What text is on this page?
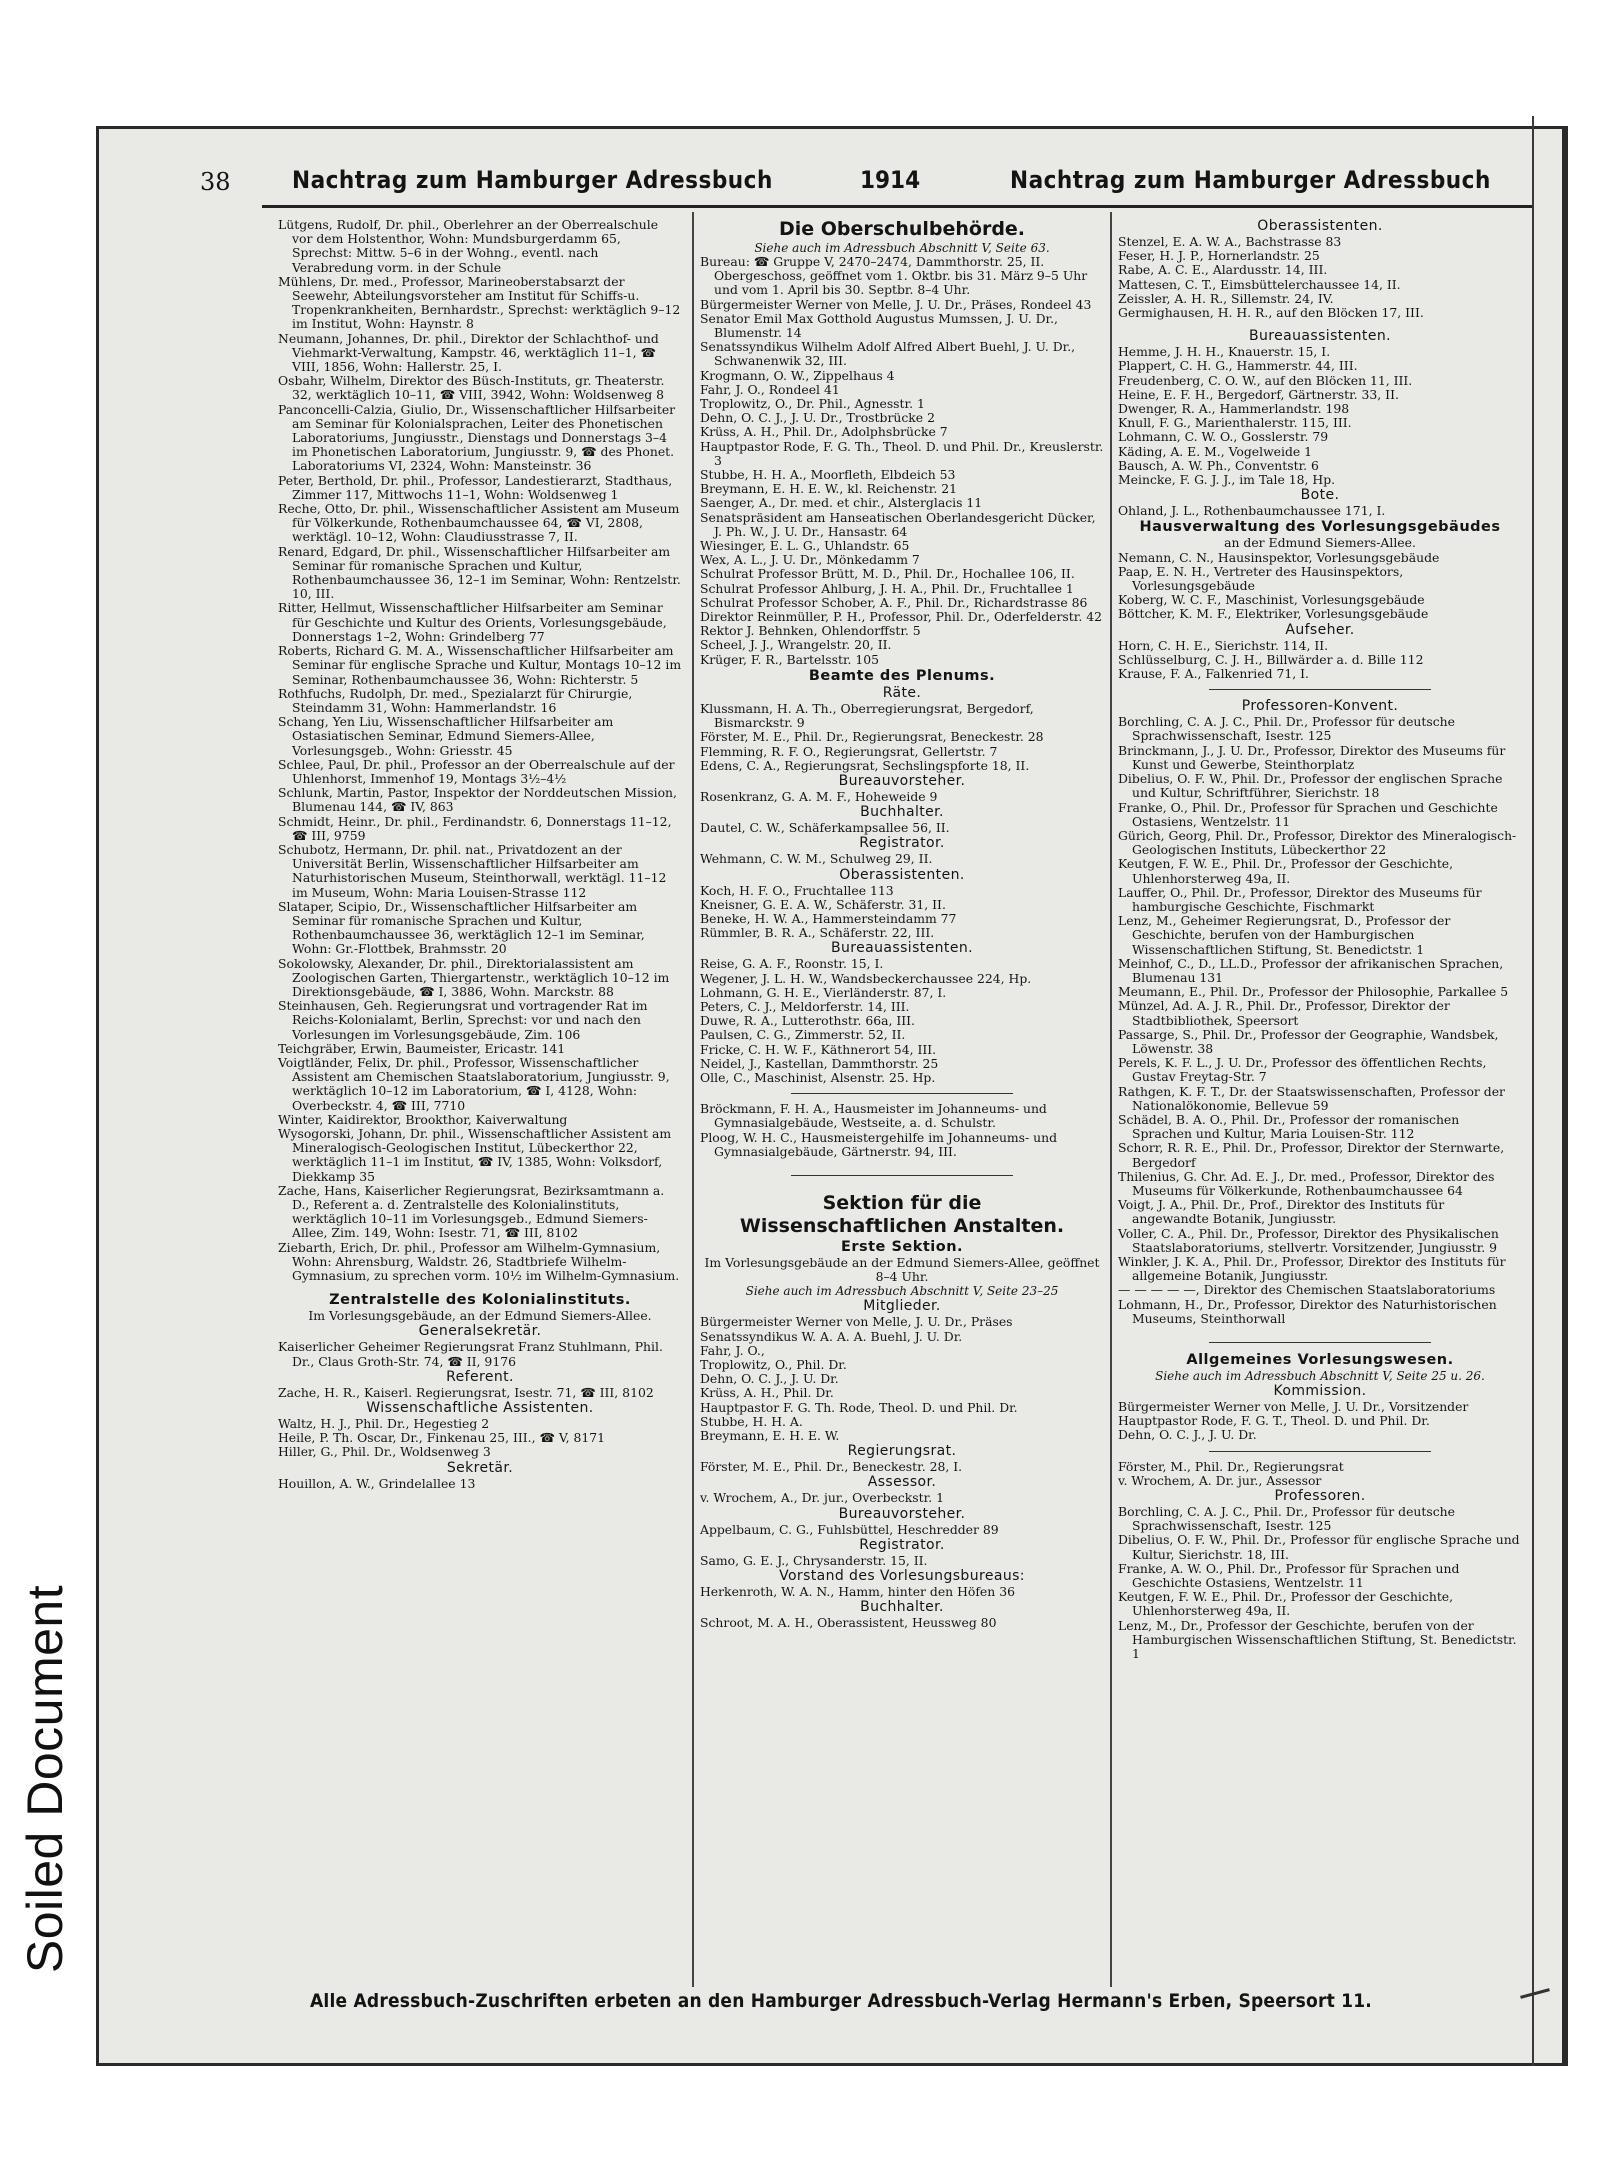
Soiled Document
38	Nachtrag zum Hamburger Adressbuch	1914	Nachtrag zum Hamburger Adressbuch

Lütgens, Rudolf, Dr. phil., Oberlehrer an der Oberrealschule vor dem Holstenthor, Wohn: Mundsburgerdamm 65, Sprechst: Mittw. 5–6 in der Wohng., eventl. nach Verabredung vorm. in der Schule

Mühlens, Dr. med., Professor, Marineoberstabsarzt der Seewehr, Abteilungsvorsteher am Institut für Schiffs-u. Tropenkrankheiten, Bernhardstr., Sprechst: werktäglich 9–12 im Institut, Wohn: Haynstr. 8

Neumann, Johannes, Dr. phil., Direktor der Schlachthof- und Viehmarkt-Verwaltung, Kampstr. 46, werktäglich 11–1, ☎ VIII, 1856, Wohn: Hallerstr. 25, I.

Osbahr, Wilhelm, Direktor des Büsch-Instituts, gr. Theaterstr. 32, werktäglich 10–11, ☎ VIII, 3942, Wohn: Woldsenweg 8

Panconcelli-Calzia, Giulio, Dr., Wissenschaftlicher Hilfsarbeiter am Seminar für Kolonialsprachen, Leiter des Phonetischen Laboratoriums, Jungiusstr., Dienstags und Donnerstags 3–4 im Phonetischen Laboratorium, Jungiusstr. 9, ☎ des Phonet. Laboratoriums VI, 2324, Wohn: Mansteinstr. 36

Peter, Berthold, Dr. phil., Professor, Landestierarzt, Stadthaus, Zimmer 117, Mittwochs 11–1, Wohn: Woldsenweg 1

Reche, Otto, Dr. phil., Wissenschaftlicher Assistent am Museum für Völkerkunde, Rothenbaumchaussee 64, ☎ VI, 2808, werktägl. 10–12, Wohn: Claudiusstrasse 7, II.

Renard, Edgard, Dr. phil., Wissenschaftlicher Hilfsarbeiter am Seminar für romanische Sprachen und Kultur, Rothenbaumchaussee 36, 12–1 im Seminar, Wohn: Rentzelstr. 10, III.

Ritter, Hellmut, Wissenschaftlicher Hilfsarbeiter am Seminar für Geschichte und Kultur des Orients, Vorlesungsgebäude, Donnerstags 1–2, Wohn: Grindelberg 77

Roberts, Richard G. M. A., Wissenschaftlicher Hilfsarbeiter am Seminar für englische Sprache und Kultur, Montags 10–12 im Seminar, Rothenbaumchaussee 36, Wohn: Richterstr. 5

Rothfuchs, Rudolph, Dr. med., Spezialarzt für Chirurgie, Steindamm 31, Wohn: Hammerlandstr. 16

Schang, Yen Liu, Wissenschaftlicher Hilfsarbeiter am Ostasiatischen Seminar, Edmund Siemers-Allee, Vorlesungsgeb., Wohn: Griesstr. 45

Schlee, Paul, Dr. phil., Professor an der Oberrealschule auf der Uhlenhorst, Immenhof 19, Montags 3½–4½

Schlunk, Martin, Pastor, Inspektor der Norddeutschen Mission, Blumenau 144, ☎ IV, 863

Schmidt, Heinr., Dr. phil., Ferdinandstr. 6, Donnerstags 11–12, ☎ III, 9759

Schubotz, Hermann, Dr. phil. nat., Privatdozent an der Universität Berlin, Wissenschaftlicher Hilfsarbeiter am Naturhistorischen Museum, Steinthorwall, werktägl. 11–12 im Museum, Wohn: Maria Louisen-Strasse 112

Slataper, Scipio, Dr., Wissenschaftlicher Hilfsarbeiter am Seminar für romanische Sprachen und Kultur, Rothenbaumchaussee 36, werktäglich 12–1 im Seminar, Wohn: Gr.-Flottbek, Brahmsstr. 20

Sokolowsky, Alexander, Dr. phil., Direktorialassistent am Zoologischen Garten, Thiergartenstr., werktäglich 10–12 im Direktionsgebäude, ☎ I, 3886, Wohn. Marckstr. 88

Steinhausen, Geh. Regierungsrat und vortragender Rat im Reichs-Kolonialamt, Berlin, Sprechst: vor und nach den Vorlesungen im Vorlesungsgebäude, Zim. 106

Teichgräber, Erwin, Baumeister, Ericastr. 141

Voigtländer, Felix, Dr. phil., Professor, Wissenschaftlicher Assistent am Chemischen Staatslaboratorium, Jungiusstr. 9, werktäglich 10–12 im Laboratorium, ☎ I, 4128, Wohn: Overbeckstr. 4, ☎ III, 7710

Winter, Kaidirektor, Brookthor, Kaiverwaltung

Wysogorski, Johann, Dr. phil., Wissenschaftlicher Assistent am Mineralogisch-Geologischen Institut, Lübeckerthor 22, werktäglich 11–1 im Institut, ☎ IV, 1385, Wohn: Volksdorf, Diekkamp 35

Zache, Hans, Kaiserlicher Regierungsrat, Bezirksamtmann a. D., Referent a. d. Zentralstelle des Kolonialinstituts, werktäglich 10–11 im Vorlesungsgeb., Edmund Siemers-Allee, Zim. 149, Wohn: Isestr. 71, ☎ III, 8102

Ziebarth, Erich, Dr. phil., Professor am Wilhelm-Gymnasium, Wohn: Ahrensburg, Waldstr. 26, Stadtbriefe Wilhelm-Gymnasium, zu sprechen vorm. 10½ im Wilhelm-Gymnasium.

Zentralstelle des Kolonialinstituts.

Im Vorlesungsgebäude, an der Edmund Siemers-Allee.

Generalsekretär.

Kaiserlicher Geheimer Regierungsrat Franz Stuhlmann, Phil. Dr., Claus Groth-Str. 74, ☎ II, 9176

Referent.

Zache, H. R., Kaiserl. Regierungsrat, Isestr. 71, ☎ III, 8102

Wissenschaftliche Assistenten.

Waltz, H. J., Phil. Dr., Hegestieg 2

Heile, P. Th. Oscar, Dr., Finkenau 25, III., ☎ V, 8171

Hiller, G., Phil. Dr., Woldsenweg 3

Sekretär.

Houillon, A. W., Grindelallee 13

Die Oberschulbehörde.

Siehe auch im Adressbuch Abschnitt V, Seite 63.

Bureau: ☎ Gruppe V, 2470–2474, Dammthorstr. 25, II. Obergeschoss, geöffnet vom 1. Oktbr. bis 31. März 9–5 Uhr und vom 1. April bis 30. Septbr. 8–4 Uhr.

Bürgermeister Werner von Melle, J. U. Dr., Präses, Rondeel 43

Senator Emil Max Gotthold Augustus Mumssen, J. U. Dr., Blumenstr. 14

Senatssyndikus Wilhelm Adolf Alfred Albert Buehl, J. U. Dr., Schwanenwik 32, III.

Krogmann, O. W., Zippelhaus 4

Fahr, J. O., Rondeel 41

Troplowitz, O., Dr. Phil., Agnesstr. 1

Dehn, O. C. J., J. U. Dr., Trostbrücke 2

Krüss, A. H., Phil. Dr., Adolphsbrücke 7

Hauptpastor Rode, F. G. Th., Theol. D. und Phil. Dr., Kreuslerstr. 3

Stubbe, H. H. A., Moorfleth, Elbdeich 53

Breymann, E. H. E. W., kl. Reichenstr. 21

Saenger, A., Dr. med. et chir., Alsterglacis 11

Senatspräsident am Hanseatischen Oberlandesgericht Dücker, J. Ph. W., J. U. Dr., Hansastr. 64

Wiesinger, E. L. G., Uhlandstr. 65

Wex, A. L., J. U. Dr., Mönkedamm 7

Schulrat Professor Brütt, M. D., Phil. Dr., Hochallee 106, II.

Schulrat Professor Ahlburg, J. H. A., Phil. Dr., Fruchtallee 1

Schulrat Professor Schober, A. F., Phil. Dr., Richardstrasse 86

Direktor Reinmüller, P. H., Professor, Phil. Dr., Oderfelderstr. 42

Rektor J. Behnken, Ohlendorffstr. 5

Scheel, J. J., Wrangelstr. 20, II.

Krüger, F. R., Bartelsstr. 105

Beamte des Plenums.

Räte.

Klussmann, H. A. Th., Oberregierungsrat, Bergedorf, Bismarckstr. 9

Förster, M. E., Phil. Dr., Regierungsrat, Beneckestr. 28

Flemming, R. F. O., Regierungsrat, Gellertstr. 7

Edens, C. A., Regierungsrat, Sechslingspforte 18, II.

Bureauvorsteher.

Rosenkranz, G. A. M. F., Hoheweide 9

Buchhalter.

Dautel, C. W., Schäferkampsallee 56, II.

Registrator.

Wehmann, C. W. M., Schulweg 29, II.

Oberassistenten.

Koch, H. F. O., Fruchtallee 113

Kneisner, G. E. A. W., Schäferstr. 31, II.

Beneke, H. W. A., Hammersteindamm 77

Rümmler, B. R. A., Schäferstr. 22, III.

Bureauassistenten.

Reise, G. A. F., Roonstr. 15, I.

Wegener, J. L. H. W., Wandsbeckerchaussee 224, Hp.

Lohmann, G. H. E., Vierländerstr. 87, I.

Peters, C. J., Meldorferstr. 14, III.

Duwe, R. A., Lutterothstr. 66a, III.

Paulsen, C. G., Zimmerstr. 52, II.

Fricke, C. H. W. F., Käthnerort 54, III.

Neidel, J., Kastellan, Dammthorstr. 25

Olle, C., Maschinist, Alsenstr. 25. Hp.

Bröckmann, F. H. A., Hausmeister im Johanneums- und Gymnasialgebäude, Westseite, a. d. Schulstr.

Ploog, W. H. C., Hausmeistergehilfe im Johanneums- und Gymnasialgebäude, Gärtnerstr. 94, III.

Sektion für die

Wissenschaftlichen Anstalten.

Erste Sektion.

Im Vorlesungsgebäude an der Edmund Siemers-Allee, geöffnet 8–4 Uhr.

Siehe auch im Adressbuch Abschnitt V, Seite 23–25

Mitglieder.

Bürgermeister Werner von Melle, J. U. Dr., Präses

Senatssyndikus W. A. A. A. Buehl, J. U. Dr.

Fahr, J. O.,

Troplowitz, O., Phil. Dr.

Dehn, O. C. J., J. U. Dr.

Krüss, A. H., Phil. Dr.

Hauptpastor F. G. Th. Rode, Theol. D. und Phil. Dr.

Stubbe, H. H. A.

Breymann, E. H. E. W.

Regierungsrat.

Förster, M. E., Phil. Dr., Beneckestr. 28, I.

Assessor.

v. Wrochem, A., Dr. jur., Overbeckstr. 1

Bureauvorsteher.

Appelbaum, C. G., Fuhlsbüttel, Heschredder 89

Registrator.

Samo, G. E. J., Chrysanderstr. 15, II.

Vorstand des Vorlesungsbureaus:

Herkenroth, W. A. N., Hamm, hinter den Höfen 36

Buchhalter.

Schroot, M. A. H., Oberassistent, Heussweg 80

Oberassistenten.

Stenzel, E. A. W. A., Bachstrasse 83

Feser, H. J. P., Hornerlandstr. 25

Rabe, A. C. E., Alardusstr. 14, III.

Mattesen, C. T., Eimsbüttelerchaussee 14, II.

Zeissler, A. H. R., Sillemstr. 24, IV.

Germighausen, H. H. R., auf den Blöcken 17, III.

Bureauassistenten.

Hemme, J. H. H., Knauerstr. 15, I.

Plappert, C. H. G., Hammerstr. 44, III.

Freudenberg, C. O. W., auf den Blöcken 11, III.

Heine, E. F. H., Bergedorf, Gärtnerstr. 33, II.

Dwenger, R. A., Hammerlandstr. 198

Knull, F. G., Marienthalerstr. 115, III.

Lohmann, C. W. O., Gosslerstr. 79

Käding, A. E. M., Vogelweide 1

Bausch, A. W. Ph., Conventstr. 6

Meincke, F. G. J. J., im Tale 18, Hp.

Bote.

Ohland, J. L., Rothenbaumchaussee 171, I.

Hausverwaltung des Vorlesungsgebäudes

an der Edmund Siemers-Allee.

Nemann, C. N., Hausinspektor, Vorlesungsgebäude

Paap, E. N. H., Vertreter des Hausinspektors, Vorlesungsgebäude

Koberg, W. C. F., Maschinist, Vorlesungsgebäude

Böttcher, K. M. F., Elektriker, Vorlesungsgebäude

Aufseher.

Horn, C. H. E., Sierichstr. 114, II.

Schlüsselburg, C. J. H., Billwärder a. d. Bille 112

Krause, F. A., Falkenried 71, I.

Professoren-Konvent.

Borchling, C. A. J. C., Phil. Dr., Professor für deutsche Sprachwissenschaft, Isestr. 125

Brinckmann, J., J. U. Dr., Professor, Direktor des Museums für Kunst und Gewerbe, Steinthorplatz

Dibelius, O. F. W., Phil. Dr., Professor der englischen Sprache und Kultur, Schriftführer, Sierichstr. 18

Franke, O., Phil. Dr., Professor für Sprachen und Geschichte Ostasiens, Wentzelstr. 11

Gürich, Georg, Phil. Dr., Professor, Direktor des Mineralogisch-Geologischen Instituts, Lübeckerthor 22

Keutgen, F. W. E., Phil. Dr., Professor der Geschichte, Uhlenhorsterweg 49a, II.

Lauffer, O., Phil. Dr., Professor, Direktor des Museums für hamburgische Geschichte, Fischmarkt

Lenz, M., Geheimer Regierungsrat, D., Professor der Geschichte, berufen von der Hamburgischen Wissenschaftlichen Stiftung, St. Benedictstr. 1

Meinhof, C., D., LL.D., Professor der afrikanischen Sprachen, Blumenau 131

Meumann, E., Phil. Dr., Professor der Philosophie, Parkallee 5

Münzel, Ad. A. J. R., Phil. Dr., Professor, Direktor der Stadtbibliothek, Speersort

Passarge, S., Phil. Dr., Professor der Geographie, Wandsbek, Löwenstr. 38

Perels, K. F. L., J. U. Dr., Professor des öffentlichen Rechts, Gustav Freytag-Str. 7

Rathgen, K. F. T., Dr. der Staatswissenschaften, Professor der Nationalökonomie, Bellevue 59

Schädel, B. A. O., Phil. Dr., Professor der romanischen Sprachen und Kultur, Maria Louisen-Str. 112

Schorr, R. R. E., Phil. Dr., Professor, Direktor der Sternwarte, Bergedorf

Thilenius, G. Chr. Ad. E. J., Dr. med., Professor, Direktor des Museums für Völkerkunde, Rothenbaumchaussee 64

Voigt, J. A., Phil. Dr., Prof., Direktor des Instituts für angewandte Botanik, Jungiusstr.

Voller, C. A., Phil. Dr., Professor, Direktor des Physikalischen Staatslaboratoriums, stellvertr. Vorsitzender, Jungiusstr. 9

Winkler, J. K. A., Phil. Dr., Professor, Direktor des Instituts für allgemeine Botanik, Jungiusstr.

— — — — —, Direktor des Chemischen Staatslaboratoriums

Lohmann, H., Dr., Professor, Direktor des Naturhistorischen Museums, Steinthorwall

Allgemeines Vorlesungswesen.

Siehe auch im Adressbuch Abschnitt V, Seite 25 u. 26.

Kommission.

Bürgermeister Werner von Melle, J. U. Dr., Vorsitzender

Hauptpastor Rode, F. G. T., Theol. D. und Phil. Dr.

Dehn, O. C. J., J. U. Dr.

Förster, M., Phil. Dr., Regierungsrat

v. Wrochem, A. Dr. jur., Assessor

Professoren.

Borchling, C. A. J. C., Phil. Dr., Professor für deutsche Sprachwissenschaft, Isestr. 125

Dibelius, O. F. W., Phil. Dr., Professor für englische Sprache und Kultur, Sierichstr. 18, III.

Franke, A. W. O., Phil. Dr., Professor für Sprachen und Geschichte Ostasiens, Wentzelstr. 11

Keutgen, F. W. E., Phil. Dr., Professor der Geschichte, Uhlenhorsterweg 49a, II.

Lenz, M., Dr., Professor der Geschichte, berufen von der Hamburgischen Wissenschaftlichen Stiftung, St. Benedictstr. 1

Alle Adressbuch-Zuschriften erbeten an den Hamburger Adressbuch-Verlag Hermann's Erben, Speersort 11.
